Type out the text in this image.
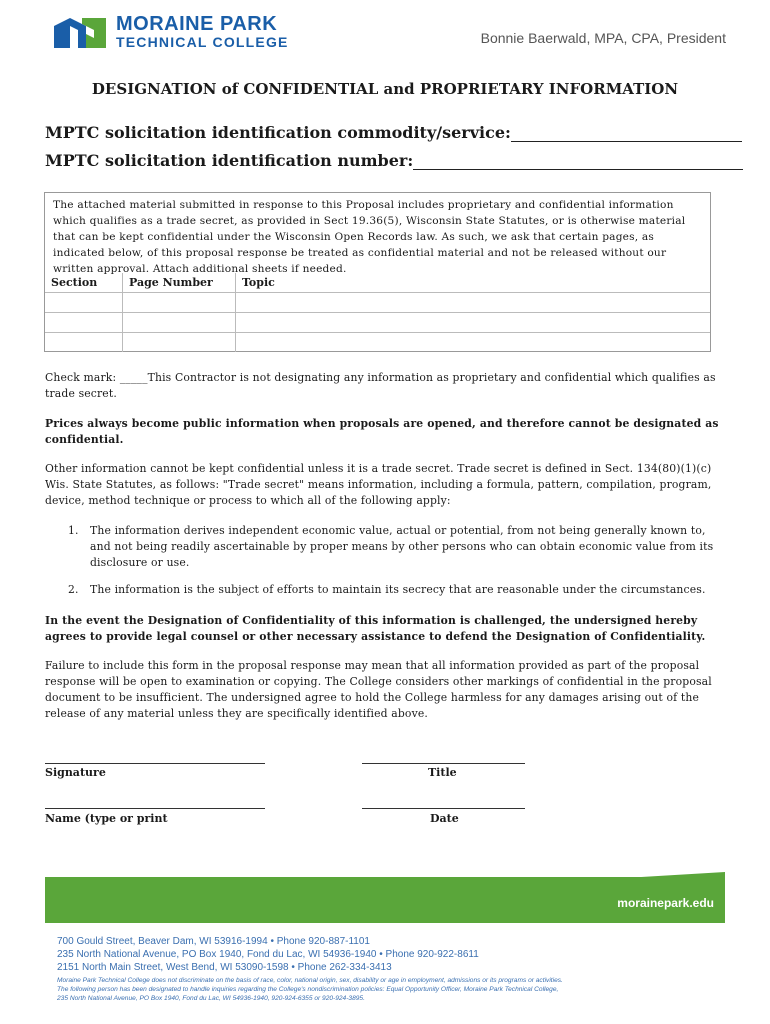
MORAINE PARK
TECHNICAL COLLEGE	Bonnie Baerwald, MPA, CPA, President
DESIGNATION of CONFIDENTIAL and PROPRIETARY INFORMATION
MPTC solicitation identification commodity/service:
MPTC solicitation identification number:
The attached material submitted in response to this Proposal includes proprietary and confidential information which qualifies as a trade secret, as provided in Sect 19.36(5), Wisconsin State Statutes, or is otherwise material that can be kept confidential under the Wisconsin Open Records law. As such, we ask that certain pages, as indicated below, of this proposal response be treated as confidential material and not be released without our written approval. Attach additional sheets if needed.
Section	Page Number	Topic

Check mark: _____This Contractor is not designating any information as proprietary and confidential which qualifies as trade secret.
Prices always become public information when proposals are opened, and therefore cannot be designated as confidential.
Other information cannot be kept confidential unless it is a trade secret. Trade secret is defined in Sect. 134(80)(1)(c) Wis. State Statutes, as follows: "Trade secret" means information, including a formula, pattern, compilation, program, device, method technique or process to which all of the following apply:
1. The information derives independent economic value, actual or potential, from not being generally known to, and not being readily ascertainable by proper means by other persons who can obtain economic value from its disclosure or use.
2. The information is the subject of efforts to maintain its secrecy that are reasonable under the circumstances.
In the event the Designation of Confidentiality of this information is challenged, the undersigned hereby agrees to provide legal counsel or other necessary assistance to defend the Designation of Confidentiality.
Failure to include this form in the proposal response may mean that all information provided as part of the proposal response will be open to examination or copying. The College considers other markings of confidential in the proposal document to be insufficient. The undersigned agree to hold the College harmless for any damages arising out of the release of any material unless they are specifically identified above.
Signature	Title
Name (type or print	Date
morainepark.edu
700 Gould Street, Beaver Dam, WI 53916-1994 • Phone 920-887-1101
235 North National Avenue, PO Box 1940, Fond du Lac, WI 54936-1940 • Phone 920-922-8611
2151 North Main Street, West Bend, WI 53090-1598 • Phone 262-334-3413
Moraine Park Technical College does not discriminate on the basis of race, color, national origin, sex, disability or age in employment, admissions or its programs or activities.
The following person has been designated to handle inquiries regarding the College's nondiscrimination policies: Equal Opportunity Officer, Moraine Park Technical College,
235 North National Avenue, PO Box 1940, Fond du Lac, WI 54936-1940, 920-924-6355 or 920-924-3895.
